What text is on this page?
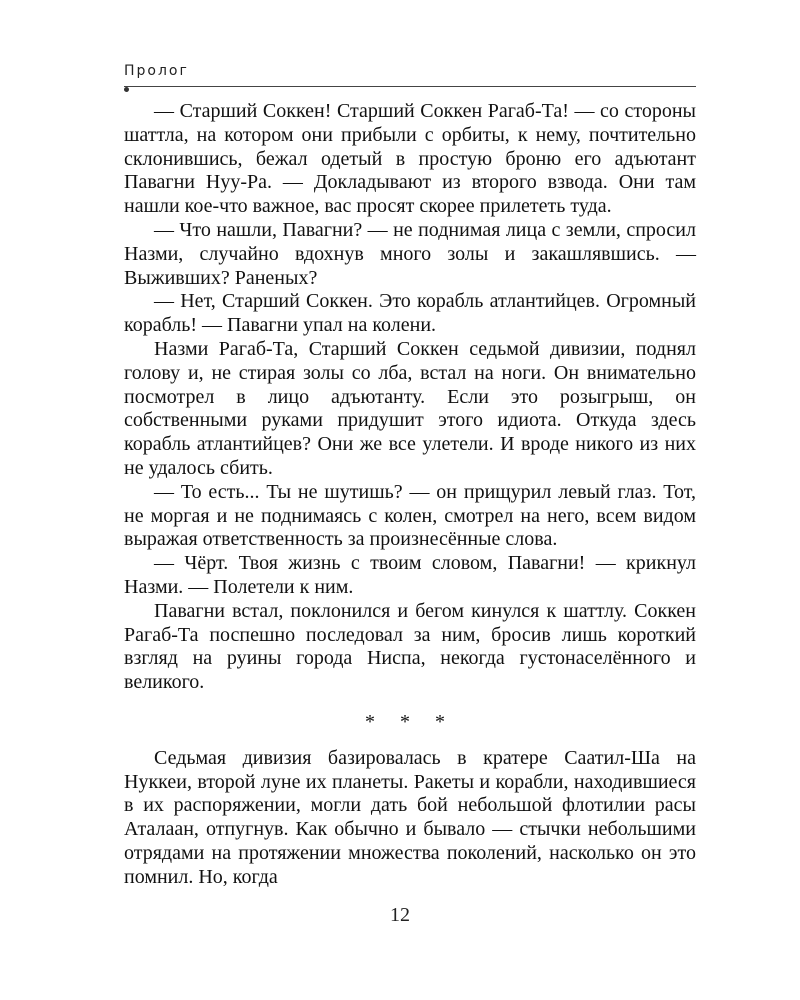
Пролог

— Старший Соккен! Старший Соккен Рагаб-Та! — со стороны шаттла, на котором они прибыли с орбиты, к нему, почтительно склонившись, бежал одетый в простую броню его адъютант Павагни Нуу-Ра. — Докладывают из второго взвода. Они там нашли кое-что важное, вас просят скорее прилететь туда.

— Что нашли, Павагни? — не поднимая лица с земли, спросил Назми, случайно вдохнув много золы и закашлявшись. — Выживших? Раненых?

— Нет, Старший Соккен. Это корабль атлантийцев. Огромный корабль! — Павагни упал на колени.

Назми Рагаб-Та, Старший Соккен седьмой дивизии, поднял голову и, не стирая золы со лба, встал на ноги. Он внимательно посмотрел в лицо адъютанту. Если это розыгрыш, он собственными руками придушит этого идиота. Откуда здесь корабль атлантийцев? Они же все улетели. И вроде никого из них не удалось сбить.

— То есть... Ты не шутишь? — он прищурил левый глаз. Тот, не моргая и не поднимаясь с колен, смотрел на него, всем видом выражая ответственность за произнесённые слова.

— Чёрт. Твоя жизнь с твоим словом, Павагни! — крикнул Назми. — Полетели к ним.

Павагни встал, поклонился и бегом кинулся к шаттлу. Соккен Рагаб-Та поспешно последовал за ним, бросив лишь короткий взгляд на руины города Ниспа, некогда густонаселённого и великого.

* * *

Седьмая дивизия базировалась в кратере Саатил-Ша на Нуккеи, второй луне их планеты. Ракеты и корабли, находившиеся в их распоряжении, могли дать бой небольшой флотилии расы Аталаан, отпугнув. Как обычно и бывало — стычки небольшими отрядами на протяжении множества поколений, насколько он это помнил. Но, когда

12
